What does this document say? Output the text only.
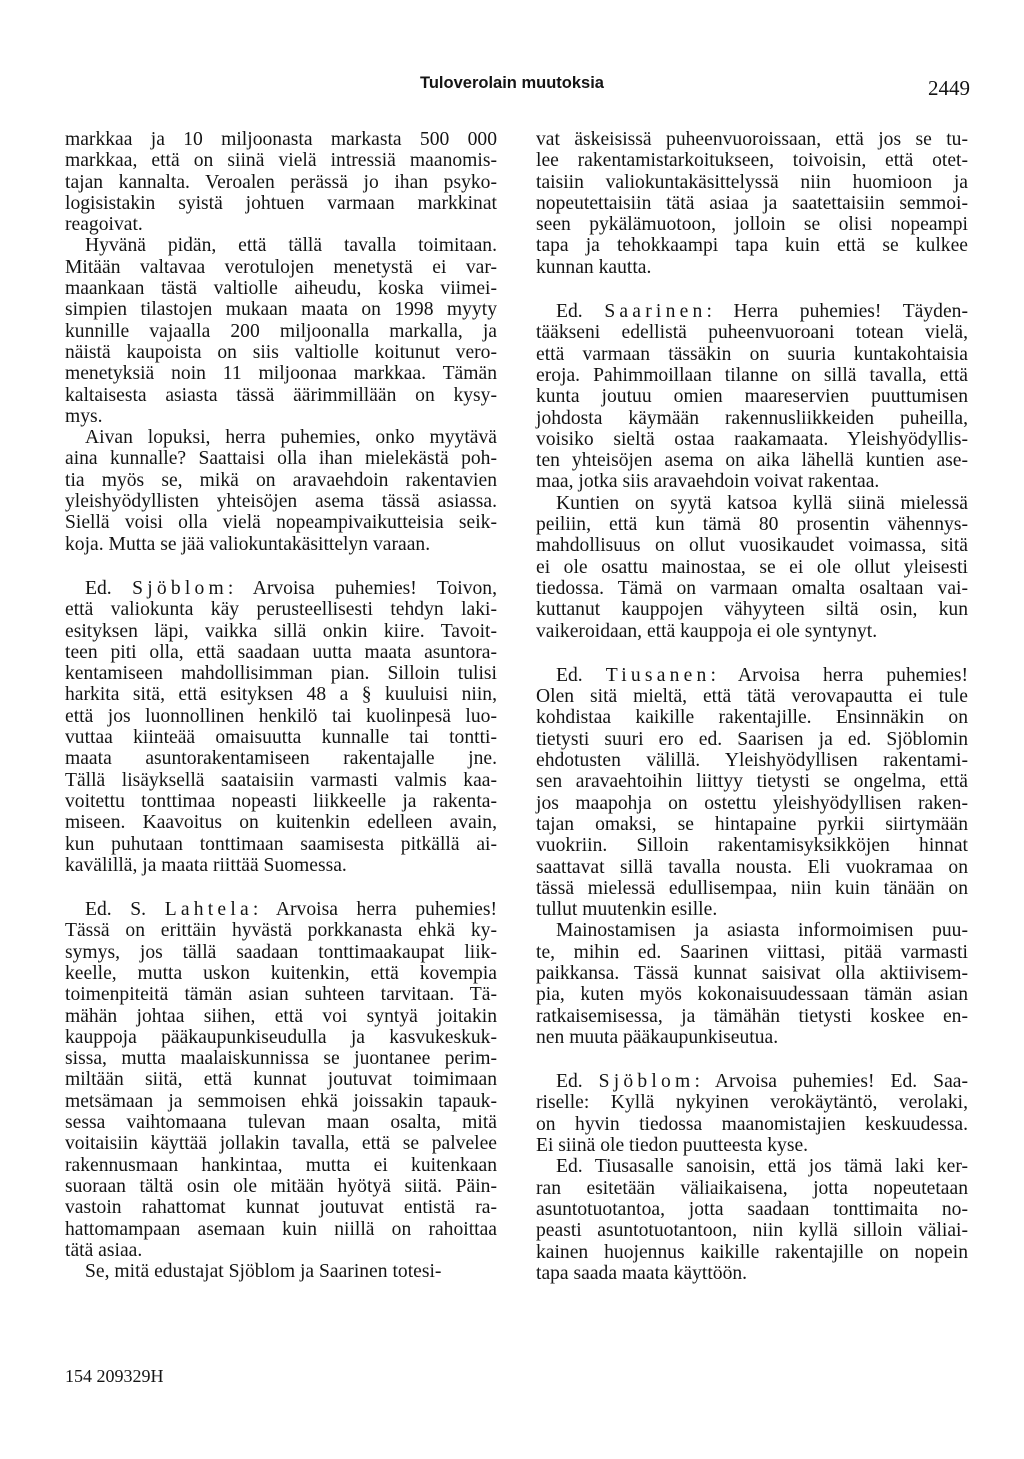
Tuloverolain muutoksia	2449
markkaa ja 10 miljoonasta markasta 500 000
markkaa, että on siinä vielä intressiä maanomis-
tajan kannalta. Veroalen perässä jo ihan psyko-
logisistakin syistä johtuen varmaan markkinat
reagoivat.
Hyvänä pidän, että tällä tavalla toimitaan.
Mitään valtavaa verotulojen menetystä ei var-
maankaan tästä valtiolle aiheudu, koska viimei-
simpien tilastojen mukaan maata on 1998 myyty
kunnille vajaalla 200 miljoonalla markalla, ja
näistä kaupoista on siis valtiolle koitunut vero-
menetyksiä noin 11 miljoonaa markkaa. Tämän
kaltaisesta asiasta tässä äärimmillään on kysy-
mys.
Aivan lopuksi, herra puhemies, onko myytävä
aina kunnalle? Saattaisi olla ihan mielekästä poh-
tia myös se, mikä on aravaehdoin rakentavien
yleishyödyllisten yhteisöjen asema tässä asiassa.
Siellä voisi olla vielä nopeampivaikutteisia seik-
koja. Mutta se jää valiokuntakäsittelyn varaan.
Ed. Sjöblom: Arvoisa puhemies! Toivon,
että valiokunta käy perusteellisesti tehdyn laki-
esityksen läpi, vaikka sillä onkin kiire. Tavoit-
teen piti olla, että saadaan uutta maata asuntora-
kentamiseen mahdollisimman pian. Silloin tulisi
harkita sitä, että esityksen 48 a § kuuluisi niin,
että jos luonnollinen henkilö tai kuolinpesä luo-
vuttaa kiinteää omaisuutta kunnalle tai tontti-
maata asuntorakentamiseen rakentajalle jne.
Tällä lisäyksellä saataisiin varmasti valmis kaa-
voitettu tonttimaa nopeasti liikkeelle ja rakenta-
miseen. Kaavoitus on kuitenkin edelleen avain,
kun puhutaan tonttimaan saamisesta pitkällä ai-
kavälillä, ja maata riittää Suomessa.
Ed. S. Lahtela: Arvoisa herra puhemies!
Tässä on erittäin hyvästä porkkanasta ehkä ky-
symys, jos tällä saadaan tonttimaakaupat liik-
keelle, mutta uskon kuitenkin, että kovempia
toimenpiteitä tämän asian suhteen tarvitaan. Tä-
mähän johtaa siihen, että voi syntyä joitakin
kauppoja pääkaupunkiseudulla ja kasvukeskuk-
sissa, mutta maalaiskunnissa se juontanee perim-
miltään siitä, että kunnat joutuvat toimimaan
metsämaan ja semmoisen ehkä joissakin tapauk-
sessa vaihtomaana tulevan maan osalta, mitä
voitaisiin käyttää jollakin tavalla, että se palvelee
rakennusmaan hankintaa, mutta ei kuitenkaan
suoraan tältä osin ole mitään hyötyä siitä. Päin-
vastoin rahattomat kunnat joutuvat entistä ra-
hattomampaan asemaan kuin niillä on rahoittaa
tätä asiaa.
Se, mitä edustajat Sjöblom ja Saarinen totesi-
vat äskeisissä puheenvuoroissaan, että jos se tu-
lee rakentamistarkoitukseen, toivoisin, että otet-
taisiin valiokuntakäsittelyssä niin huomioon ja
nopeutettaisiin tätä asiaa ja saatettaisiin semmoi-
seen pykälämuotoon, jolloin se olisi nopeampi
tapa ja tehokkaampi tapa kuin että se kulkee
kunnan kautta.
Ed. Saarinen: Herra puhemies! Täyden-
tääkseni edellistä puheenvuoroani totean vielä,
että varmaan tässäkin on suuria kuntakohtaisia
eroja. Pahimmoillaan tilanne on sillä tavalla, että
kunta joutuu omien maareservien puuttumisen
johdosta käymään rakennusliikkeiden puheilla,
voisiko sieltä ostaa raakamaata. Yleishyödyllis-
ten yhteisöjen asema on aika lähellä kuntien ase-
maa, jotka siis aravaehdoin voivat rakentaa.
Kuntien on syytä katsoa kyllä siinä mielessä
peiliin, että kun tämä 80 prosentin vähennys-
mahdollisuus on ollut vuosikaudet voimassa, sitä
ei ole osattu mainostaa, se ei ole ollut yleisesti
tiedossa. Tämä on varmaan omalta osaltaan vai-
kuttanut kauppojen vähyyteen siltä osin, kun
vaikeroidaan, että kauppoja ei ole syntynyt.
Ed. Tiusanen: Arvoisa herra puhemies!
Olen sitä mieltä, että tätä verovapautta ei tule
kohdistaa kaikille rakentajille. Ensinnäkin on
tietysti suuri ero ed. Saarisen ja ed. Sjöblomin
ehdotusten välillä. Yleishyödyllisen rakentami-
sen aravaehtoihin liittyy tietysti se ongelma, että
jos maapohja on ostettu yleishyödyllisen raken-
tajan omaksi, se hintapaine pyrkii siirtymään
vuokriin. Silloin rakentamisyksikköjen hinnat
saattavat sillä tavalla nousta. Eli vuokramaa on
tässä mielessä edullisempaa, niin kuin tänään on
tullut muutenkin esille.
Mainostamisen ja asiasta informoimisen puu-
te, mihin ed. Saarinen viittasi, pitää varmasti
paikkansa. Tässä kunnat saisivat olla aktiivisem-
pia, kuten myös kokonaisuudessaan tämän asian
ratkaisemisessa, ja tämähän tietysti koskee en-
nen muuta pääkaupunkiseutua.
Ed. Sjöblom: Arvoisa puhemies! Ed. Saa-
riselle: Kyllä nykyinen verokäytäntö, verolaki,
on hyvin tiedossa maanomistajien keskuudessa.
Ei siinä ole tiedon puutteesta kyse.
Ed. Tiusasalle sanoisin, että jos tämä laki ker-
ran esitetään väliaikaisena, jotta nopeutetaan
asuntotuotantoa, jotta saadaan tonttimaita no-
peasti asuntotuotantoon, niin kyllä silloin väliai-
kainen huojennus kaikille rakentajille on nopein
tapa saada maata käyttöön.
154 209329H
